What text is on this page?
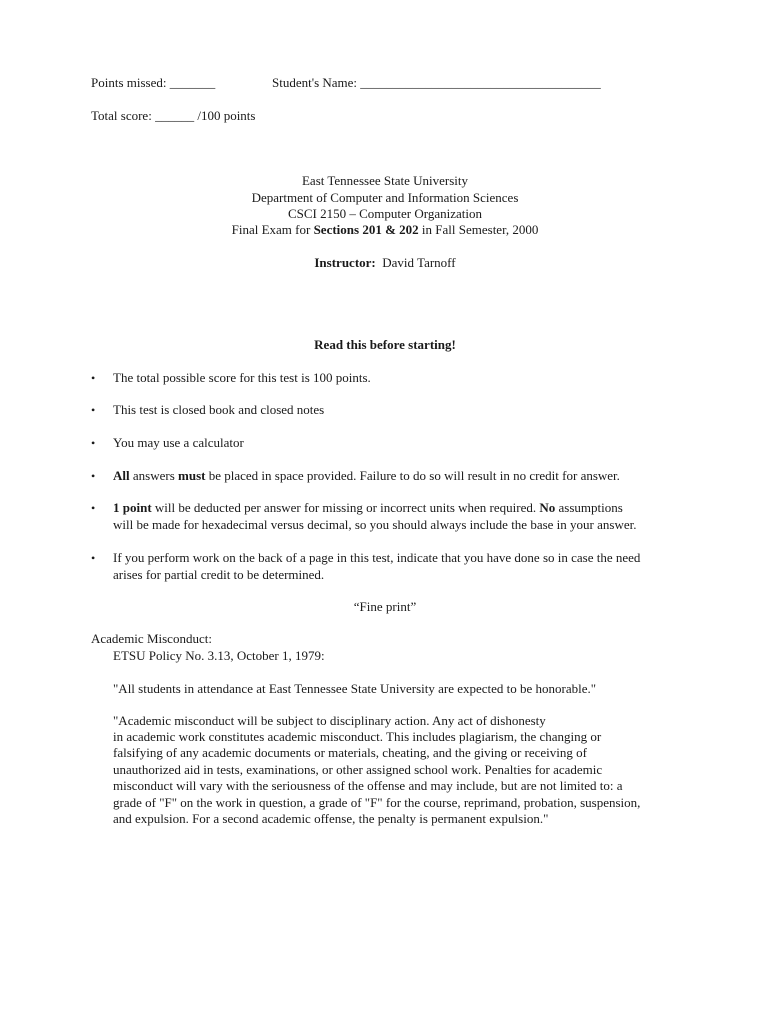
Points missed: _______	Student's Name: _____________________________________
Total score: ______ /100 points
East Tennessee State University
Department of Computer and Information Sciences
CSCI 2150 – Computer Organization
Final Exam for Sections 201 & 202 in Fall Semester, 2000
Instructor: David Tarnoff
Read this before starting!
• The total possible score for this test is 100 points.
• This test is closed book and closed notes
• You may use a calculator
• All answers must be placed in space provided. Failure to do so will result in no credit for answer.
• 1 point will be deducted per answer for missing or incorrect units when required. No assumptions
will be made for hexadecimal versus decimal, so you should always include the base in your answer.
• If you perform work on the back of a page in this test, indicate that you have done so in case the need
arises for partial credit to be determined.
“Fine print”
Academic Misconduct:
ETSU Policy No. 3.13, October 1, 1979:
"All students in attendance at East Tennessee State University are expected to be honorable."
"Academic misconduct will be subject to disciplinary action. Any act of dishonesty
in academic work constitutes academic misconduct. This includes plagiarism, the changing or
falsifying of any academic documents or materials, cheating, and the giving or receiving of
unauthorized aid in tests, examinations, or other assigned school work. Penalties for academic
misconduct will vary with the seriousness of the offense and may include, but are not limited to: a
grade of "F" on the work in question, a grade of "F" for the course, reprimand, probation, suspension,
and expulsion. For a second academic offense, the penalty is permanent expulsion."
